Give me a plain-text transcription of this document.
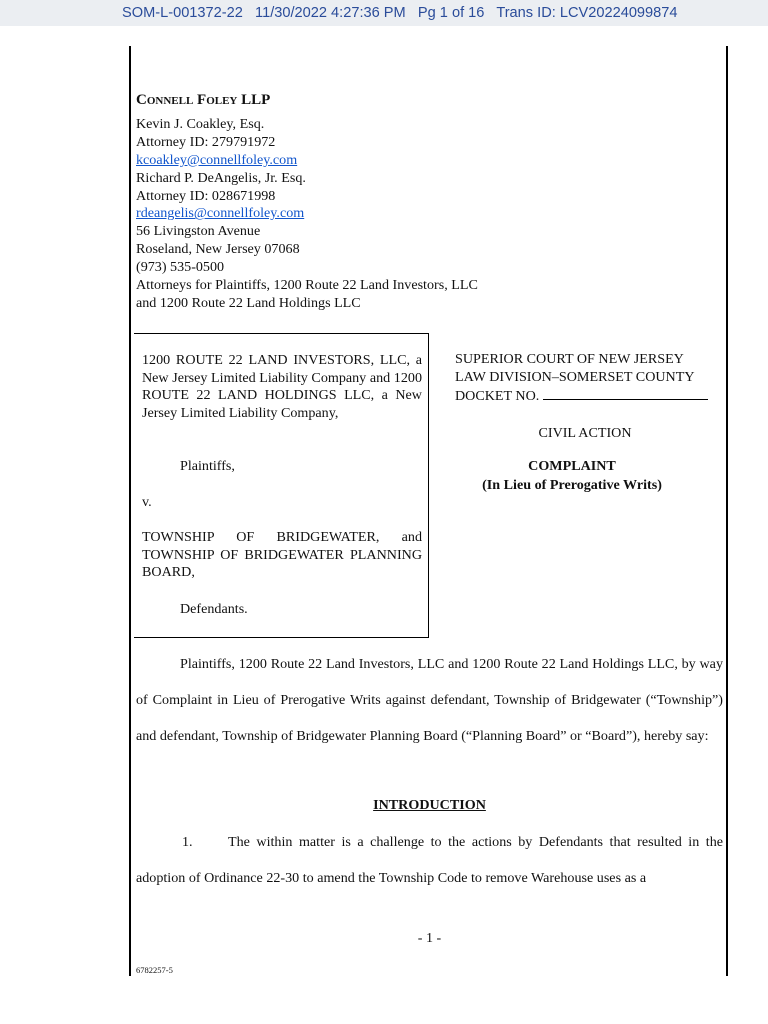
SOM-L-001372-22 11/30/2022 4:27:36 PM Pg 1 of 16 Trans ID: LCV20224099874
Connell Foley LLP
Kevin J. Coakley, Esq.
Attorney ID: 279791972
kcoakley@connellfoley.com
Richard P. DeAngelis, Jr. Esq.
Attorney ID: 028671998
rdeangelis@connellfoley.com
56 Livingston Avenue
Roseland, New Jersey 07068
(973) 535-0500
Attorneys for Plaintiffs, 1200 Route 22 Land Investors, LLC
and 1200 Route 22 Land Holdings LLC
1200 ROUTE 22 LAND INVESTORS, LLC, a New Jersey Limited Liability Company and 1200 ROUTE 22 LAND HOLDINGS LLC, a New Jersey Limited Liability Company,
Plaintiffs,
v.
TOWNSHIP OF BRIDGEWATER, and TOWNSHIP OF BRIDGEWATER PLANNING BOARD,
Defendants.
SUPERIOR COURT OF NEW JERSEY
LAW DIVISION–SOMERSET COUNTY
DOCKET NO.
CIVIL ACTION
COMPLAINT
(In Lieu of Prerogative Writs)
Plaintiffs, 1200 Route 22 Land Investors, LLC and 1200 Route 22 Land Holdings LLC, by way of Complaint in Lieu of Prerogative Writs against defendant, Township of Bridgewater (“Township”) and defendant, Township of Bridgewater Planning Board (“Planning Board” or “Board”), hereby say:
INTRODUCTION
1.	The within matter is a challenge to the actions by Defendants that resulted in the adoption of Ordinance 22-30 to amend the Township Code to remove Warehouse uses as a
- 1 -
6782257-5
